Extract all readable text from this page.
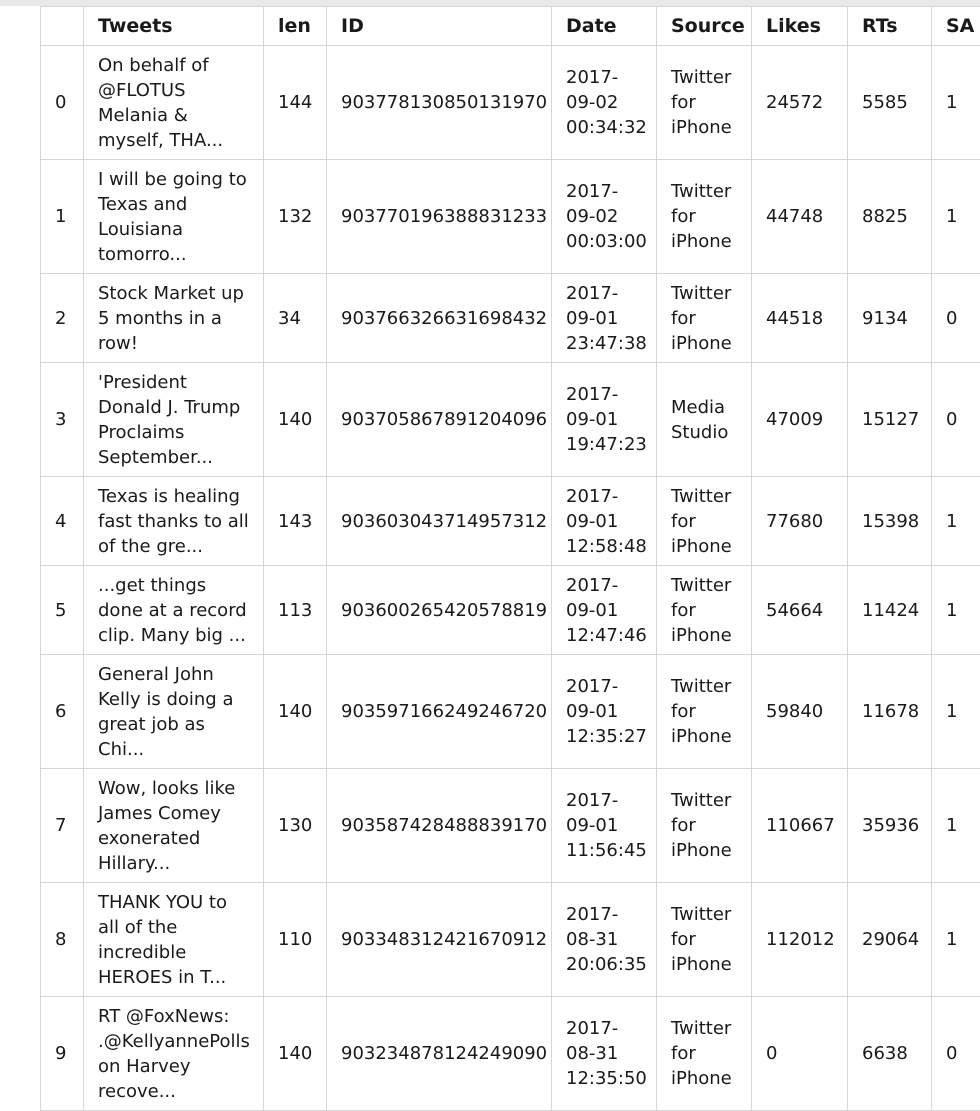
	Tweets	len	ID	Date	Source	Likes	RTs	SA

0	On behalf of
@FLOTUS
Melania &
myself, THA...	144	903778130850131970	2017-
09-02
00:34:32	Twitter
for
iPhone	24572	5585	1

1	I will be going to
Texas and
Louisiana
tomorro...	132	903770196388831233	2017-
09-02
00:03:00	Twitter
for
iPhone	44748	8825	1

2	Stock Market up
5 months in a
row!	34	903766326631698432	2017-
09-01
23:47:38	Twitter
for
iPhone	44518	9134	0

3	'President
Donald J. Trump
Proclaims
September...	140	903705867891204096	2017-
09-01
19:47:23	Media
Studio	47009	15127	0

4	Texas is healing
fast thanks to all
of the gre...	143	903603043714957312	2017-
09-01
12:58:48	Twitter
for
iPhone	77680	15398	1

5	...get things
done at a record
clip. Many big ...	113	903600265420578819	2017-
09-01
12:47:46	Twitter
for
iPhone	54664	11424	1

6	General John
Kelly is doing a
great job as
Chi...	140	903597166249246720	2017-
09-01
12:35:27	Twitter
for
iPhone	59840	11678	1

7	Wow, looks like
James Comey
exonerated
Hillary...	130	903587428488839170	2017-
09-01
11:56:45	Twitter
for
iPhone	110667	35936	1

8	THANK YOU to
all of the
incredible
HEROES in T...	110	903348312421670912	2017-
08-31
20:06:35	Twitter
for
iPhone	112012	29064	1

9	RT @FoxNews:
.@KellyannePolls
on Harvey
recove...	140	903234878124249090	2017-
08-31
12:35:50	Twitter
for
iPhone	0	6638	0
